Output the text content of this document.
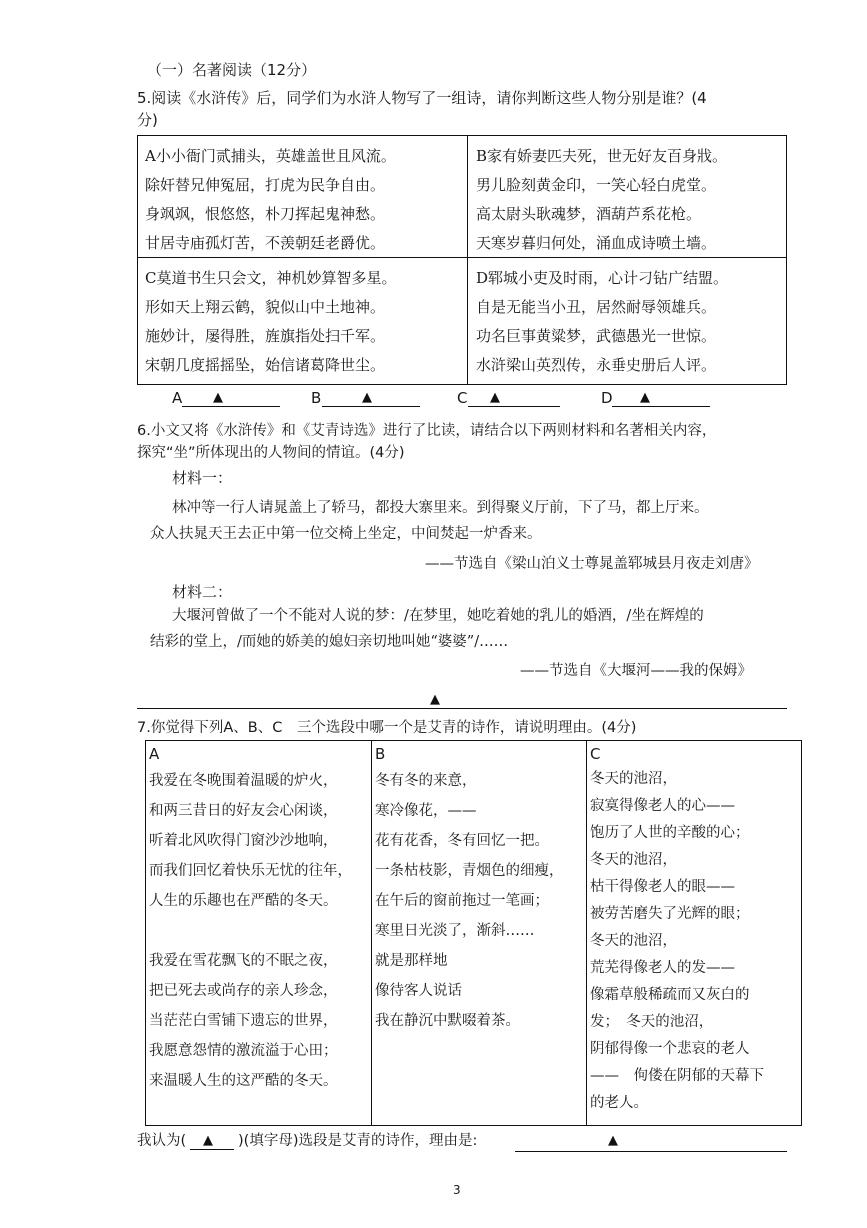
（一）名著阅读（12分）
5.阅读《水浒传》后，同学们为水浒人物写了一组诗，请你判断这些人物分别是谁？(4
分)
A小小衙门贰捕头，英雄盖世且风流。
除奸替兄伸冤屈，打虎为民争自由。
身飒飒，恨悠悠，朴刀挥起鬼神愁。
甘居寺庙孤灯苦，不羡朝廷老爵优。
B家有娇妻匹夫死，世无好友百身戕。
男儿脸刻黄金印，一笑心轻白虎堂。
高太尉头耿魂梦，酒葫芦系花枪。
天寒岁暮归何处，涌血成诗喷土墙。
C莫道书生只会文，神机妙算智多星。
形如天上翔云鹤，貌似山中土地神。
施妙计，屡得胜，旌旗指处扫千军。
宋朝几度摇摇坠，始信诸葛降世尘。
D郓城小吏及时雨，心计刁钻广结盟。
自是无能当小丑，居然耐辱领雄兵。
功名巨事黄粱梦，武德愚光一世惊。
水浒梁山英烈传，永垂史册后人评。
A ▲	B	▲	C ▲	D ▲
6.小文又将《水浒传》和《艾青诗选》进行了比读，请结合以下两则材料和名著相关内容，
探究“坐”所体现出的人物间的情谊。(4分)
材料一：
林冲等一行人请晁盖上了轿马，都投大寨里来。到得聚义厅前，下了马，都上厅来。
众人扶晁天王去正中第一位交椅上坐定，中间焚起一炉香来。
——节选自《梁山泊义士尊晁盖郓城县月夜走刘唐》
材料二：
大堰河曾做了一个不能对人说的梦：/在梦里，她吃着她的乳儿的婚酒，/坐在辉煌的
结彩的堂上，/而她的娇美的媳妇亲切地叫她“婆婆”/……
——节选自《大堰河——我的保姆》
▲
7.你觉得下列A、B、C　三个选段中哪一个是艾青的诗作，请说明理由。(4分)
A
我爱在冬晚围着温暖的炉火，
和两三昔日的好友会心闲谈，
听着北风吹得门窗沙沙地响，
而我们回忆着快乐无忧的往年，
人生的乐趣也在严酷的冬天。
我爱在雪花飘飞的不眠之夜，
把已死去或尚存的亲人珍念，
当茫茫白雪铺下遗忘的世界，
我愿意怨情的激流溢于心田；
来温暖人生的这严酷的冬天。
B
冬有冬的来意，
寒冷像花，——
花有花香，冬有回忆一把。
一条枯枝影，青烟色的细瘦，
在午后的窗前拖过一笔画；
寒里日光淡了，渐斜……
就是那样地
像待客人说话
我在静沉中默啜着茶。
C
冬天的池沼，
寂寞得像老人的心——
饱历了人世的辛酸的心；
冬天的池沼，
枯干得像老人的眼——
被劳苦磨失了光辉的眼；
冬天的池沼，
荒芜得像老人的发——
像霜草般稀疏而又灰白的
发；　冬天的池沼，
阴郁得像一个悲哀的老人
——　佝偻在阴郁的天幕下
的老人。
我认为( ▲ )(填字母)选段是艾青的诗作，理由是:	▲
3
